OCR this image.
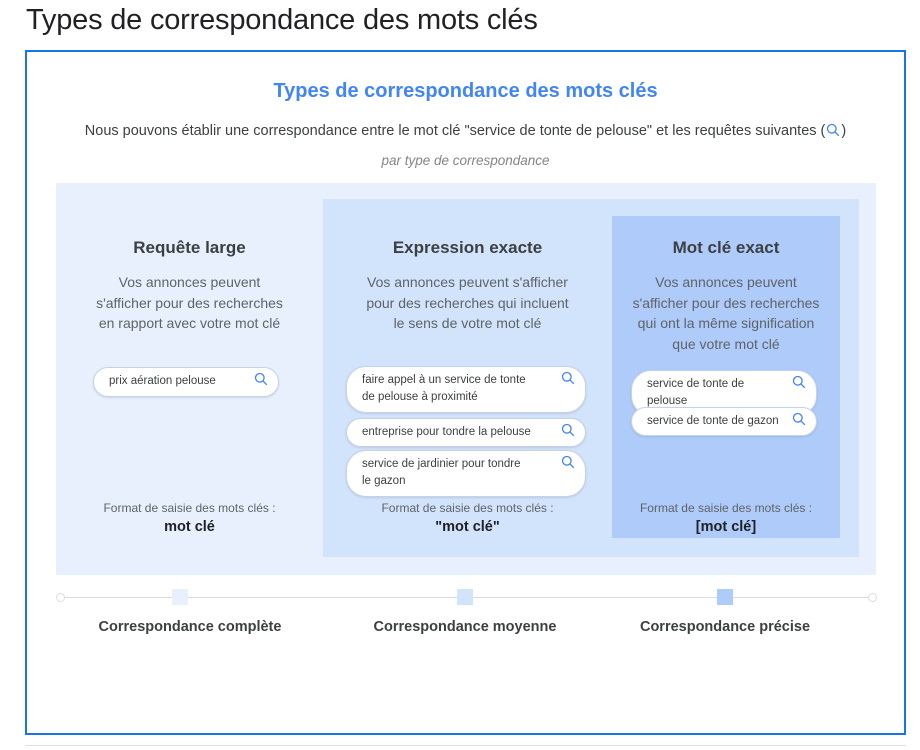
Types de correspondance des mots clés
Types de correspondance des mots clés
Nous pouvons établir une correspondance entre le mot clé "service de tonte de pelouse" et les requêtes suivantes ( )
par type de correspondance
Requête large
Vos annonces peuvent
s'afficher pour des recherches
en rapport avec votre mot clé
prix aération pelouse
Format de saisie des mots clés :
mot clé
Expression exacte
Vos annonces peuvent s'afficher
pour des recherches qui incluent
le sens de votre mot clé
faire appel à un service de tonte
de pelouse à proximité
entreprise pour tondre la pelouse
service de jardinier pour tondre
le gazon
Format de saisie des mots clés :
"mot clé"
Mot clé exact
Vos annonces peuvent
s'afficher pour des recherches
qui ont la même signification
que votre mot clé
service de tonte de pelouse
service de tonte de gazon
Format de saisie des mots clés :
[mot clé]
Correspondance complète	Correspondance moyenne	Correspondance précise
